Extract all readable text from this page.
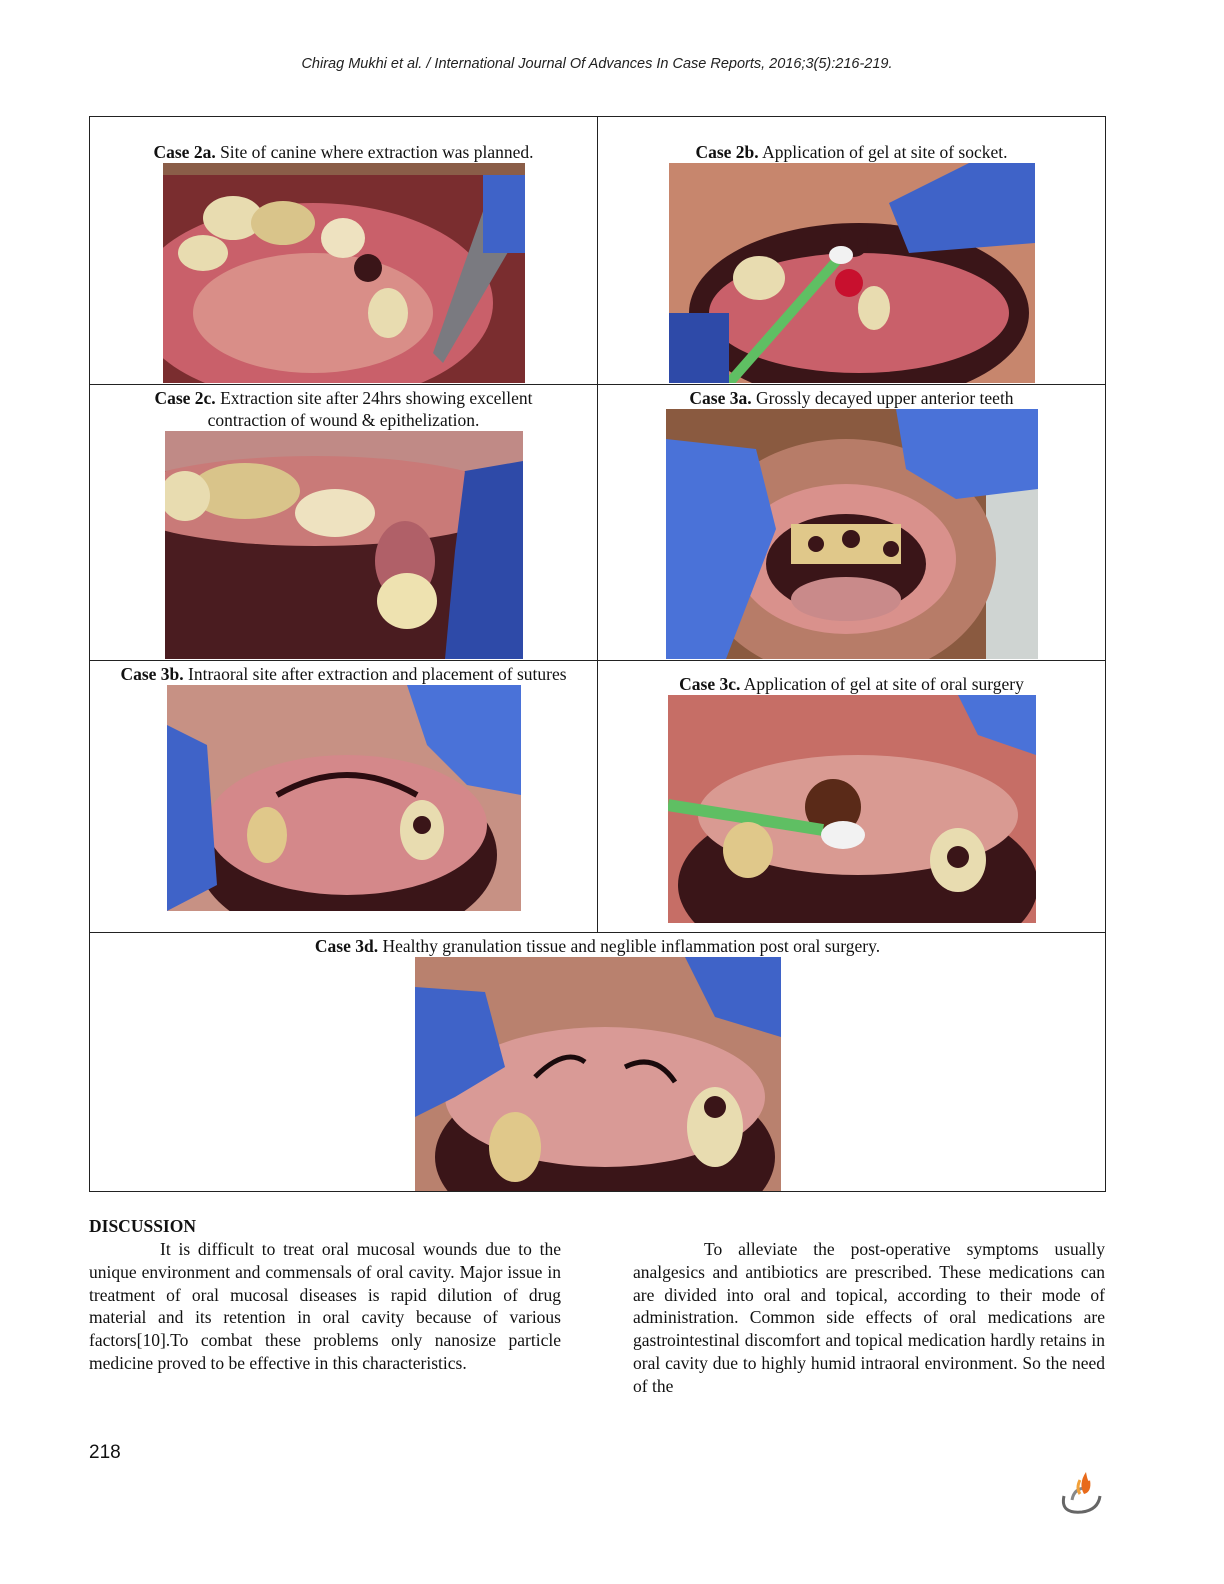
Chirag Mukhi et al. / International Journal Of Advances In Case Reports, 2016;3(5):216-219.
Case 2a. Site of canine where extraction was planned.	Case 2b. Application of gel at site of socket.

Case 2c. Extraction site after 24hrs showing excellent contraction of wound & epithelization.	Case 3a. Grossly decayed upper anterior teeth

Case 3b. Intraoral site after extraction and placement of sutures	Case 3c. Application of gel at site of oral surgery

Case 3d. Healthy granulation tissue and neglible inflammation post oral surgery.	
DISCUSSION

It is difficult to treat oral mucosal wounds due to the unique environment and commensals of oral cavity. Major issue in treatment of oral mucosal diseases is rapid dilution of drug material and its retention in oral cavity because of various factors[10].To combat these problems only nanosize particle medicine proved to be effective in this characteristics.

To alleviate the post-operative symptoms usually analgesics and antibiotics are prescribed. These medications can are divided into oral and topical, according to their mode of administration. Common side effects of oral medications are gastrointestinal discomfort and topical medication hardly retains in oral cavity due to highly humid intraoral environment. So the need of the

218
